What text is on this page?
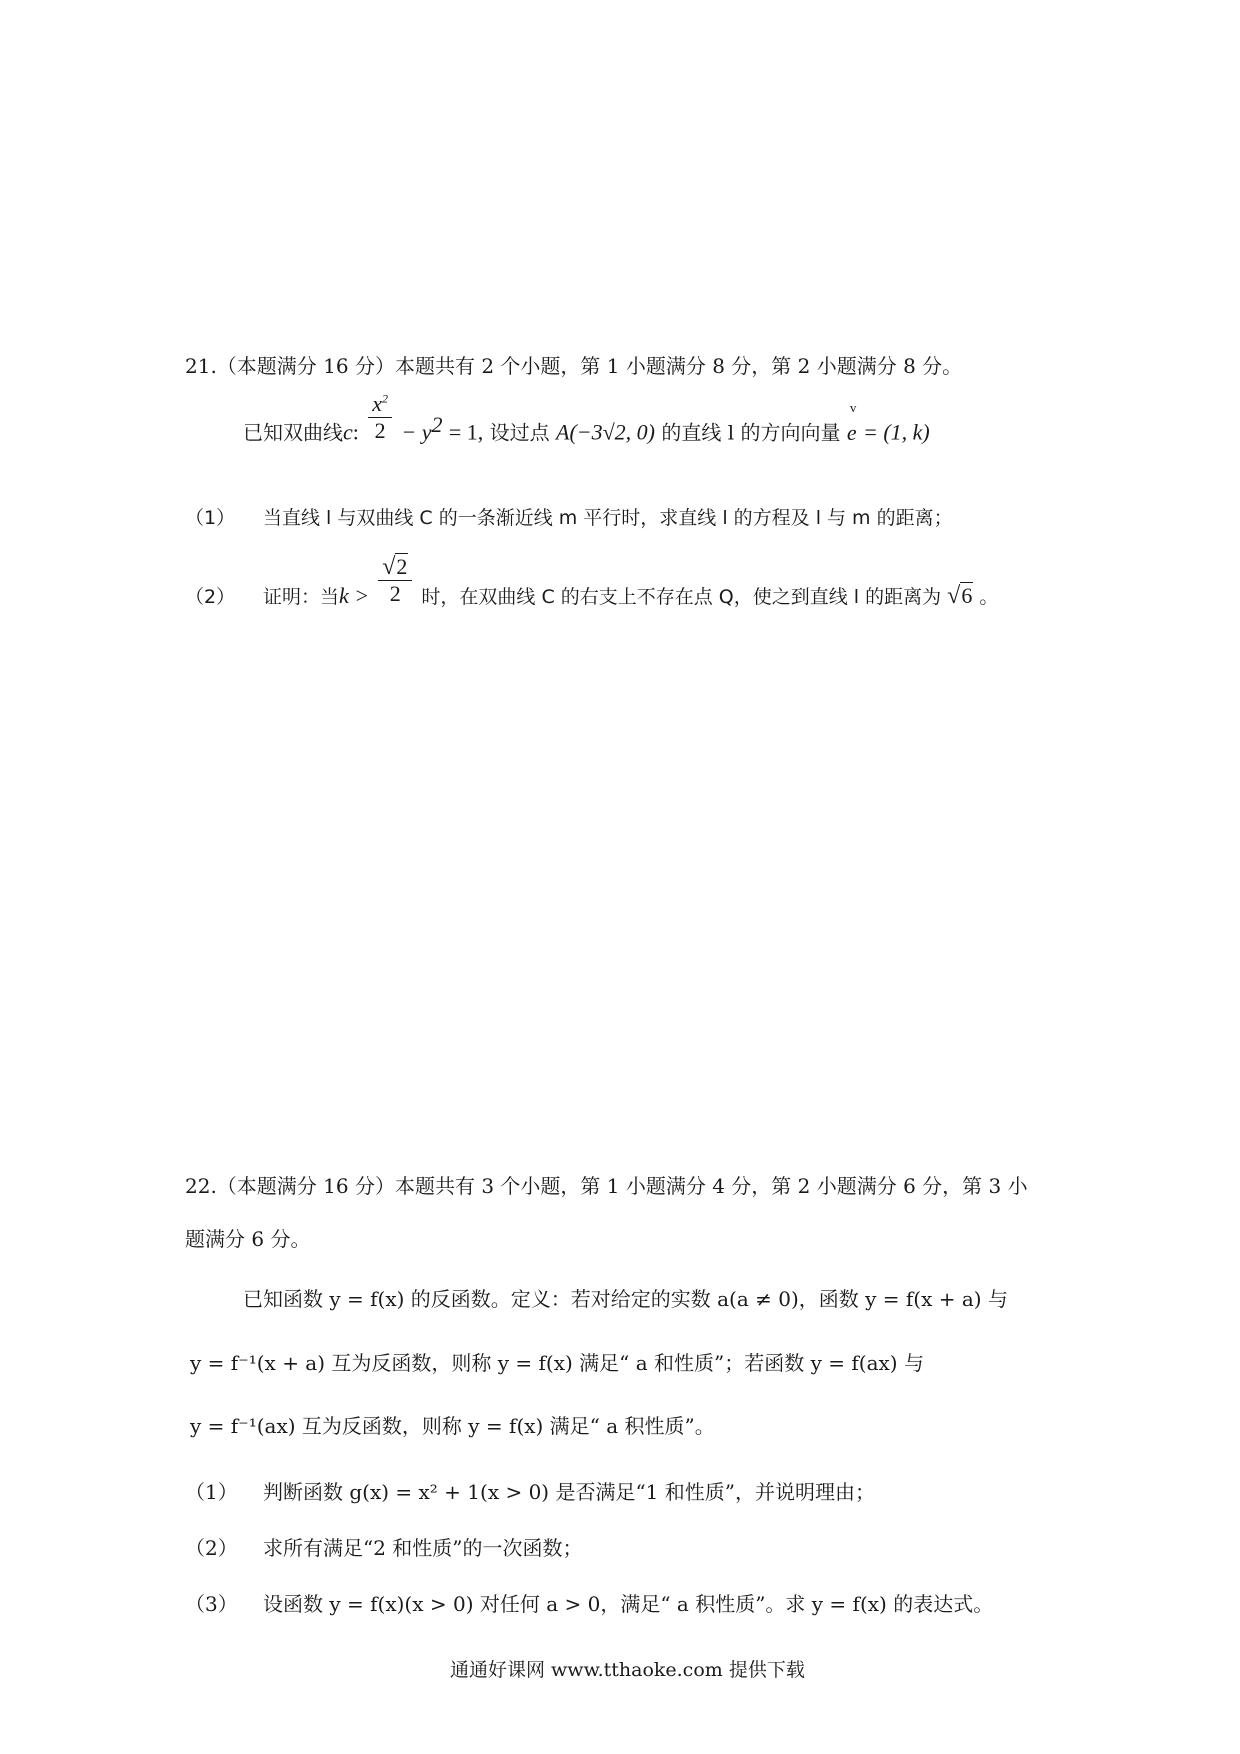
21.（本题满分 16 分）本题共有 2 个小题，第 1 小题满分 8 分，第 2 小题满分 8 分。
已知双曲线c: $\frac{x^2}{2} - y^2 = 1$, 设过点 A(−3√2, 0) 的直线 l 的方向向量
v
e = (1, k)
（1） 当直线 l 与双曲线 C 的一条渐近线 m 平行时，求直线 l 的方程及 l 与 m 的距离；
（2） 证明：当$k > \frac{√2}{2}$ 时，在双曲线 C 的右支上不存在点 Q，使之到直线 l 的距离为 √6 。
22.（本题满分 16 分）本题共有 3 个小题，第 1 小题满分 4 分，第 2 小题满分 6 分，第 3 小
题满分 6 分。
已知函数 y = f(x) 的反函数。定义：若对给定的实数 a(a ≠ 0)，函数 y = f(x + a) 与
y = f⁻¹(x + a) 互为反函数，则称 y = f(x) 满足“ a 和性质”；若函数 y = f(ax) 与
y = f⁻¹(ax) 互为反函数，则称 y = f(x) 满足“ a 积性质”。
（1） 判断函数 g(x) = x² + 1(x > 0) 是否满足“1 和性质”，并说明理由；
（2） 求所有满足“2 和性质”的一次函数；
（3） 设函数 y = f(x)(x > 0) 对任何 a > 0，满足“ a 积性质”。求 y = f(x) 的表达式。
通通好课网 www.tthaoke.com 提供下载
